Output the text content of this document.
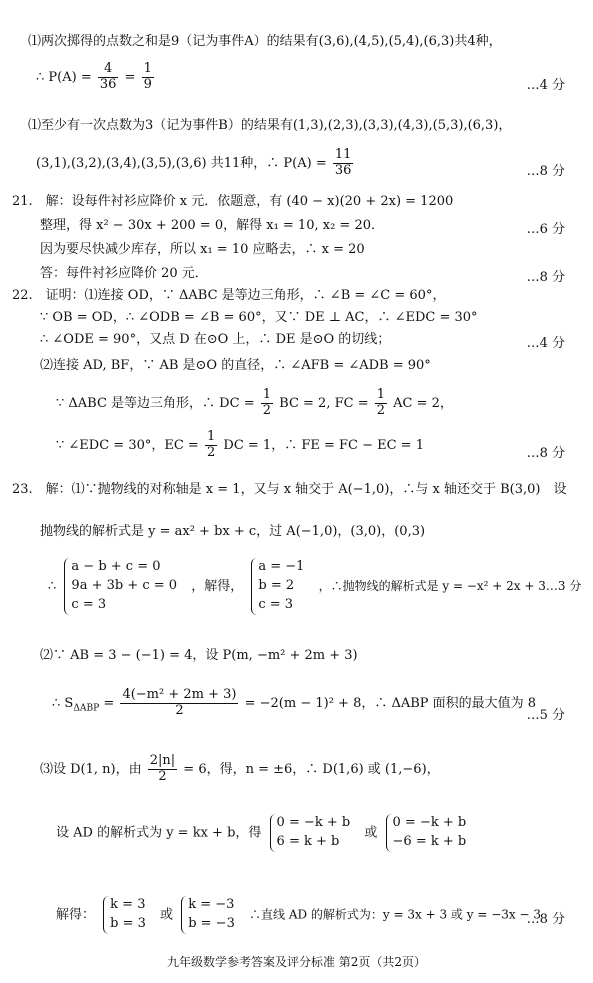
⑴两次掷得的点数之和是9（记为事件A）的结果有(3,6),(4,5),(5,4),(6,3)共4种，
∴ $P(A) = \frac{4}{36} = \frac{1}{9}$	…4 分
⑴至少有一次点数为3（记为事件B）的结果有(1,3),(2,3),(3,3),(4,3),(5,3),(6,3)，
(3,1),(3,2),(3,4),(3,5),(3,6) 共11种，∴ $P(A) = \frac{11}{36}$	…8 分
21.　解：设每件衬衫应降价 x 元．依题意，有 (40 − x)(20 + 2x) = 1200
整理，得 x² − 30x + 200 = 0，解得 x₁ = 10, x₂ = 20．	…6 分
因为要尽快减少库存，所以 x₁ = 10 应略去，∴ x = 20
答：每件衬衫应降价 20 元．	…8 分
22.　证明：⑴连接 OD，∵ ΔABC 是等边三角形，∴ ∠B = ∠C = 60°，
∵ OB = OD，∴ ∠ODB = ∠B = 60°，又∵ DE ⊥ AC，∴ ∠EDC = 30°
∴ ∠ODE = 90°，又点 D 在⊙O 上，∴ DE 是⊙O 的切线；	…4 分
⑵连接 AD, BF，∵ AB 是⊙O 的直径，∴ ∠AFB = ∠ADB = 90°
∵ ΔABC 是等边三角形，∴ DC = $\frac{1}{2}$ BC = 2, FC = $\frac{1}{2}$ AC = 2，
∵ ∠EDC = 30°，EC = $\frac{1}{2}$ DC = 1，∴ FE = FC − EC = 1
…8 分
23.　解：⑴∵抛物线的对称轴是 x = 1，又与 x 轴交于 A(−1,0)，∴与 x 轴还交于 B(3,0)　设
抛物线的解析式是 y = ax² + bx + c，过 A(−1,0)，(3,0)，(0,3)
∴
a − b + c = 0
9a + 3b + c = 0
c = 3
，解得，
a = −1
b = 2
c = 3
，∴抛物线的解析式是 y = −x² + 2x + 3…3 分
⑵∵ AB = 3 − (−1) = 4，设 P(m, −m² + 2m + 3)
∴ $S_{\Delta ABP} = \frac{\text{4(−m² + 2m + 3)}}{2} = -2(m - 1)^2 + 8$，∴ ΔABP 面积的最大值为 8
…5 分
⑶设 D(1, n)，由 $\frac{2|n|}{2} = 6$，得，n = ±6，∴ D(1,6) 或 (1,−6)，
设 AD 的解析式为 y = kx + b，得
0 = −k + b
6 = k + b
或
0 = −k + b
−6 = k + b
解得：
k = 3
b = 3
或
k = −3
b = −3
∴直线 AD 的解析式为：y = 3x + 3 或 y = −3x − 3
…8 分
九年级数学参考答案及评分标准 第2页（共2页）
